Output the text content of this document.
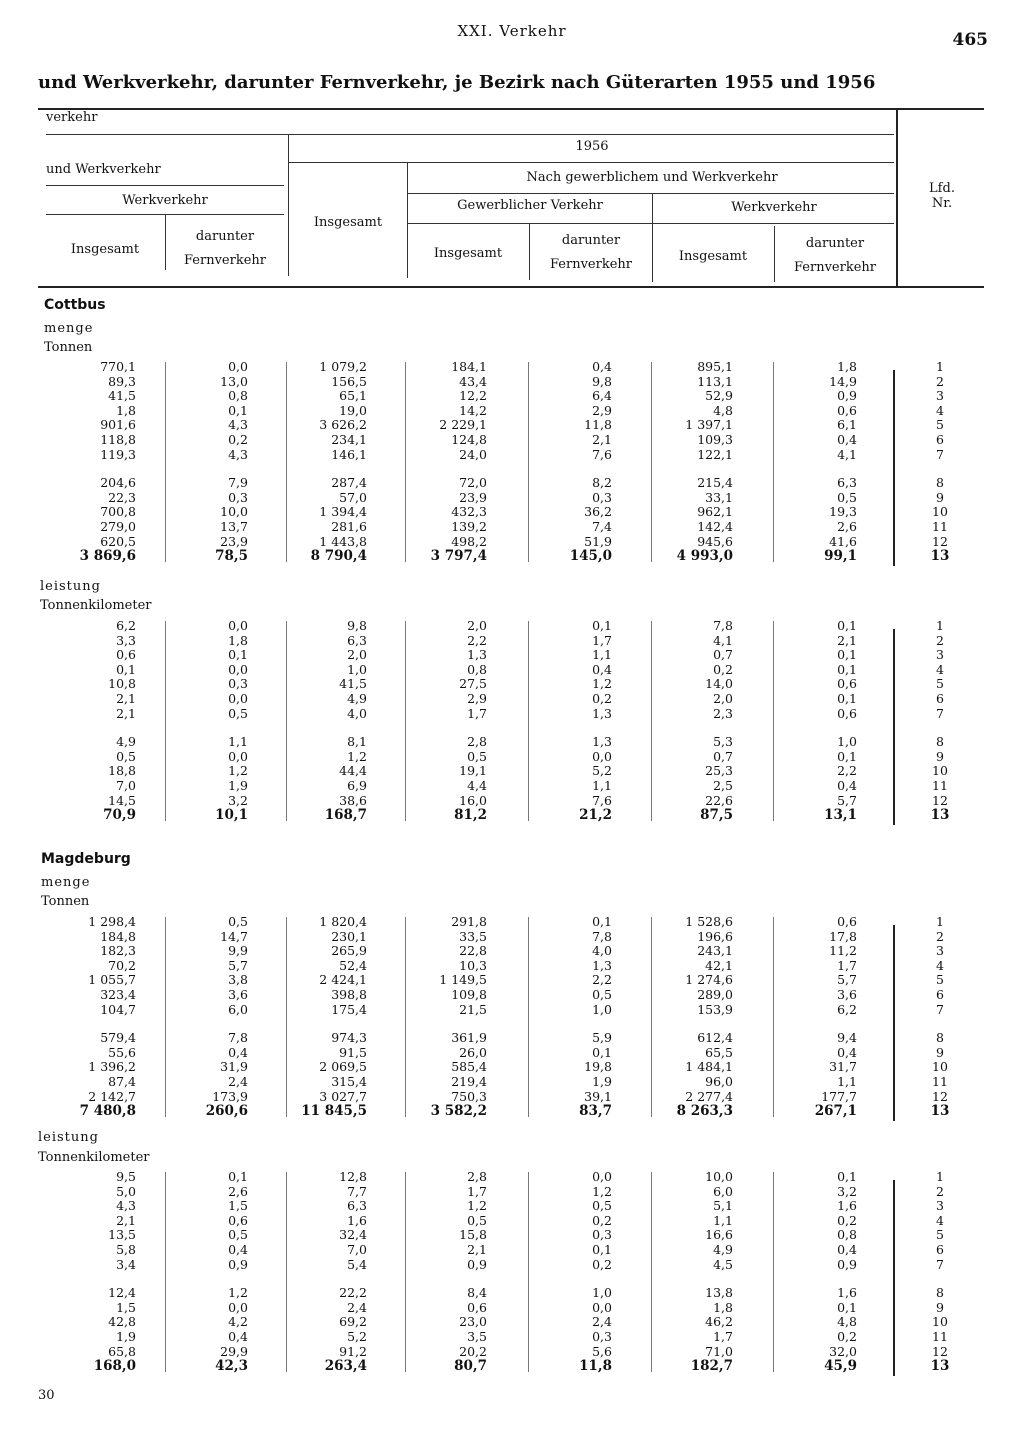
XXI. Verkehr	465
und Werkverkehr, darunter Fernverkehr, je Bezirk nach Güterarten 1955 und 1956
verkehr
1956
und Werkverkehr
Werkverkehr
Insgesamt
darunter
Fernverkehr
Insgesamt
Nach gewerblichem und Werkverkehr
Gewerblicher Verkehr	Werkverkehr
Insgesamt
darunter
Fernverkehr
Insgesamt
darunter
Fernverkehr
Lfd.
Nr.
Cottbus
menge
Tonnen
770,1	0,0	1 079,2	184,1	0,4	895,1	1,8	1
89,3	13,0	156,5	43,4	9,8	113,1	14,9	2
41,5	0,8	65,1	12,2	6,4	52,9	0,9	3
1,8	0,1	19,0	14,2	2,9	4,8	0,6	4
901,6	4,3	3 626,2	2 229,1	11,8	1 397,1	6,1	5
118,8	0,2	234,1	124,8	2,1	109,3	0,4	6
119,3	4,3	146,1	24,0	7,6	122,1	4,1	7
204,6	7,9	287,4	72,0	8,2	215,4	6,3	8
22,3	0,3	57,0	23,9	0,3	33,1	0,5	9
700,8	10,0	1 394,4	432,3	36,2	962,1	19,3	10
279,0	13,7	281,6	139,2	7,4	142,4	2,6	11
620,5	23,9	1 443,8	498,2	51,9	945,6	41,6	12
3 869,6	78,5	8 790,4	3 797,4	145,0	4 993,0	99,1	13
leistung
Tonnenkilometer
6,2	0,0	9,8	2,0	0,1	7,8	0,1	1
3,3	1,8	6,3	2,2	1,7	4,1	2,1	2
0,6	0,1	2,0	1,3	1,1	0,7	0,1	3
0,1	0,0	1,0	0,8	0,4	0,2	0,1	4
10,8	0,3	41,5	27,5	1,2	14,0	0,6	5
2,1	0,0	4,9	2,9	0,2	2,0	0,1	6
2,1	0,5	4,0	1,7	1,3	2,3	0,6	7
4,9	1,1	8,1	2,8	1,3	5,3	1,0	8
0,5	0,0	1,2	0,5	0,0	0,7	0,1	9
18,8	1,2	44,4	19,1	5,2	25,3	2,2	10
7,0	1,9	6,9	4,4	1,1	2,5	0,4	11
14,5	3,2	38,6	16,0	7,6	22,6	5,7	12
70,9	10,1	168,7	81,2	21,2	87,5	13,1	13
Magdeburg
menge
Tonnen
1 298,4	0,5	1 820,4	291,8	0,1	1 528,6	0,6	1
184,8	14,7	230,1	33,5	7,8	196,6	17,8	2
182,3	9,9	265,9	22,8	4,0	243,1	11,2	3
70,2	5,7	52,4	10,3	1,3	42,1	1,7	4
1 055,7	3,8	2 424,1	1 149,5	2,2	1 274,6	5,7	5
323,4	3,6	398,8	109,8	0,5	289,0	3,6	6
104,7	6,0	175,4	21,5	1,0	153,9	6,2	7
579,4	7,8	974,3	361,9	5,9	612,4	9,4	8
55,6	0,4	91,5	26,0	0,1	65,5	0,4	9
1 396,2	31,9	2 069,5	585,4	19,8	1 484,1	31,7	10
87,4	2,4	315,4	219,4	1,9	96,0	1,1	11
2 142,7	173,9	3 027,7	750,3	39,1	2 277,4	177,7	12
7 480,8	260,6	11 845,5	3 582,2	83,7	8 263,3	267,1	13
leistung
Tonnenkilometer
9,5	0,1	12,8	2,8	0,0	10,0	0,1	1
5,0	2,6	7,7	1,7	1,2	6,0	3,2	2
4,3	1,5	6,3	1,2	0,5	5,1	1,6	3
2,1	0,6	1,6	0,5	0,2	1,1	0,2	4
13,5	0,5	32,4	15,8	0,3	16,6	0,8	5
5,8	0,4	7,0	2,1	0,1	4,9	0,4	6
3,4	0,9	5,4	0,9	0,2	4,5	0,9	7
12,4	1,2	22,2	8,4	1,0	13,8	1,6	8
1,5	0,0	2,4	0,6	0,0	1,8	0,1	9
42,8	4,2	69,2	23,0	2,4	46,2	4,8	10
1,9	0,4	5,2	3,5	0,3	1,7	0,2	11
65,8	29,9	91,2	20,2	5,6	71,0	32,0	12
168,0	42,3	263,4	80,7	11,8	182,7	45,9	13
30
